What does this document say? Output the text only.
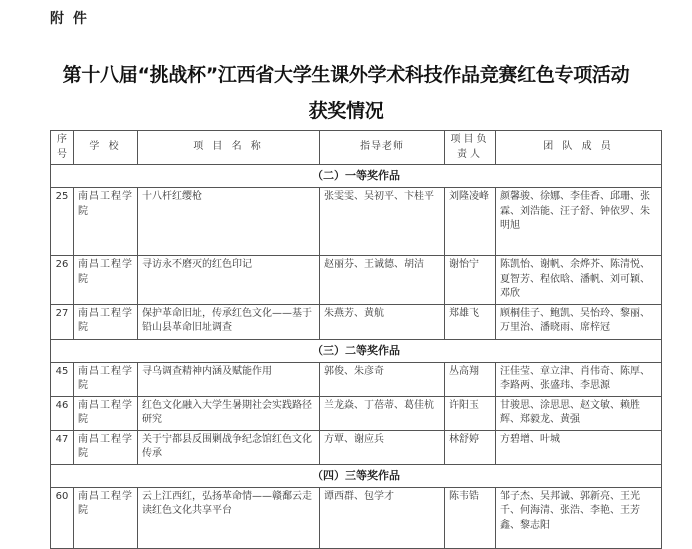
附 件
第十八届“挑战杯”江西省大学生课外学术科技作品竞赛红色专项活动
获奖情况
序号	学 校	项 目 名 称	指导老师	项目负责人	团 队 成 员
（二）一等奖作品					
25	南昌工程学院	十八杆红缨枪	张雯雯、吴初平、卞桂平	刘隆凌峰	颜馨骏、徐娜、李佳香、邱珊、张霖、刘浩能、汪子舒、钟依罗、朱明旭
26	南昌工程学院	寻访永不磨灭的红色印记	赵丽芬、王诚德、胡洁	谢怡宁	陈凯怡、谢帆、余烨芥、陈清悦、夏智芳、程依晗、潘帆、刘可颖、邓欣
27	南昌工程学院	保护革命旧址，传承红色文化——基于铅山县革命旧址调查	朱燕芳、黄航	郑雄飞	顾桐佳子、鲍凯、吴怡玲、黎丽、万里治、潘晓雨、席梓冠
（三）二等奖作品					
45	南昌工程学院	寻乌调查精神内涵及赋能作用	郭俊、朱彦奇	丛高翔	汪佳莹、章立津、肖伟奇、陈厚、李路两、张盛玮、李思源
46	南昌工程学院	红色文化融入大学生暑期社会实践路径研究	兰龙焱、丁蓓蒂、葛佳杭	许阳玉	甘骏思、涂思思、赵文敏、赖胜辉、郑毅龙、黄强
47	南昌工程学院	关于宁都县反围剿战争纪念馆红色文化传承	方覃、谢应兵	林舒婷	方碧增、叶城
（四）三等奖作品					
60	南昌工程学院	云上江西红，弘扬革命情——赣鄱云走读红色文化共享平台	谭西群、包学才	陈韦锆	邹子杰、吴邦诚、郭新亮、王光千、何海清、张浩、李艳、王芳鑫、黎志阳
